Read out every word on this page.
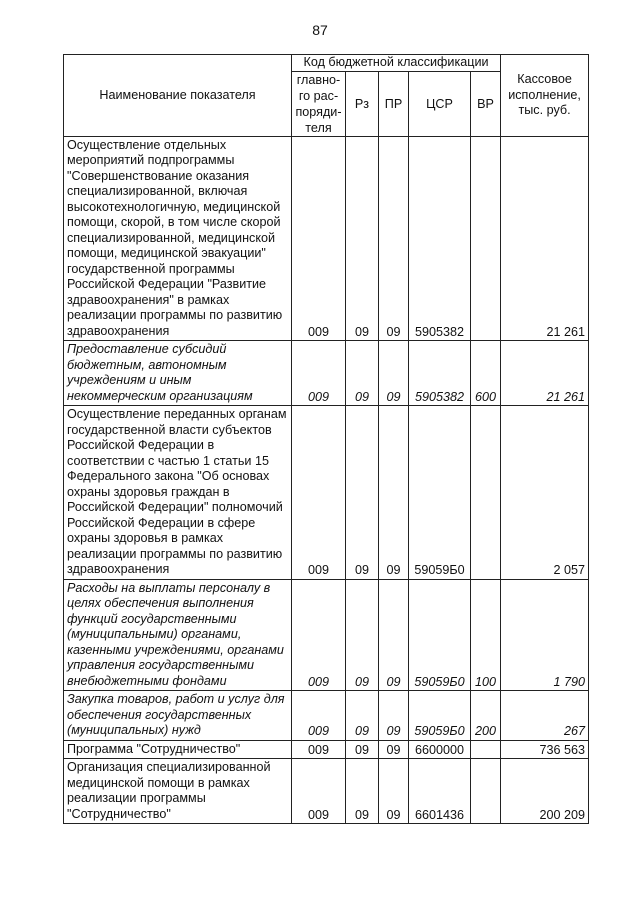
87
Наименование показателя	Код бюджетной классификации					Кассовое исполнение, тыс. руб.
	главно-го рас-поряди-теля	Рз	ПР	ЦСР	ВР	
Осуществление отдельных мероприятий подпрограммы "Совершенствование оказания специализированной, включая высокотехнологичную, медицинской помощи, скорой, в том числе скорой специализированной, медицинской помощи, медицинской эвакуации" государственной программы Российской Федерации "Развитие здравоохранения" в рамках реализации программы по развитию здравоохранения	009	09	09	5905382		21 261
Предоставление субсидий бюджетным, автономным учреждениям и иным некоммерческим организациям	009	09	09	5905382	600	21 261
Осуществление переданных органам государственной власти субъектов Российской Федерации в соответствии с частью 1 статьи 15 Федерального закона "Об основах охраны здоровья граждан в Российской Федерации" полномочий Российской Федерации в сфере охраны здоровья в рамках реализации программы по развитию здравоохранения	009	09	09	59059Б0		2 057
Расходы на выплаты персоналу в целях обеспечения выполнения функций государственными (муниципальными) органами, казенными учреждениями, органами управления государственными внебюджетными фондами	009	09	09	59059Б0	100	1 790
Закупка товаров, работ и услуг для обеспечения государственных (муниципальных) нужд	009	09	09	59059Б0	200	267
Программа "Сотрудничество"	009	09	09	6600000		736 563
Организация специализированной медицинской помощи в рамках реализации программы "Сотрудничество"	009	09	09	6601436		200 209
